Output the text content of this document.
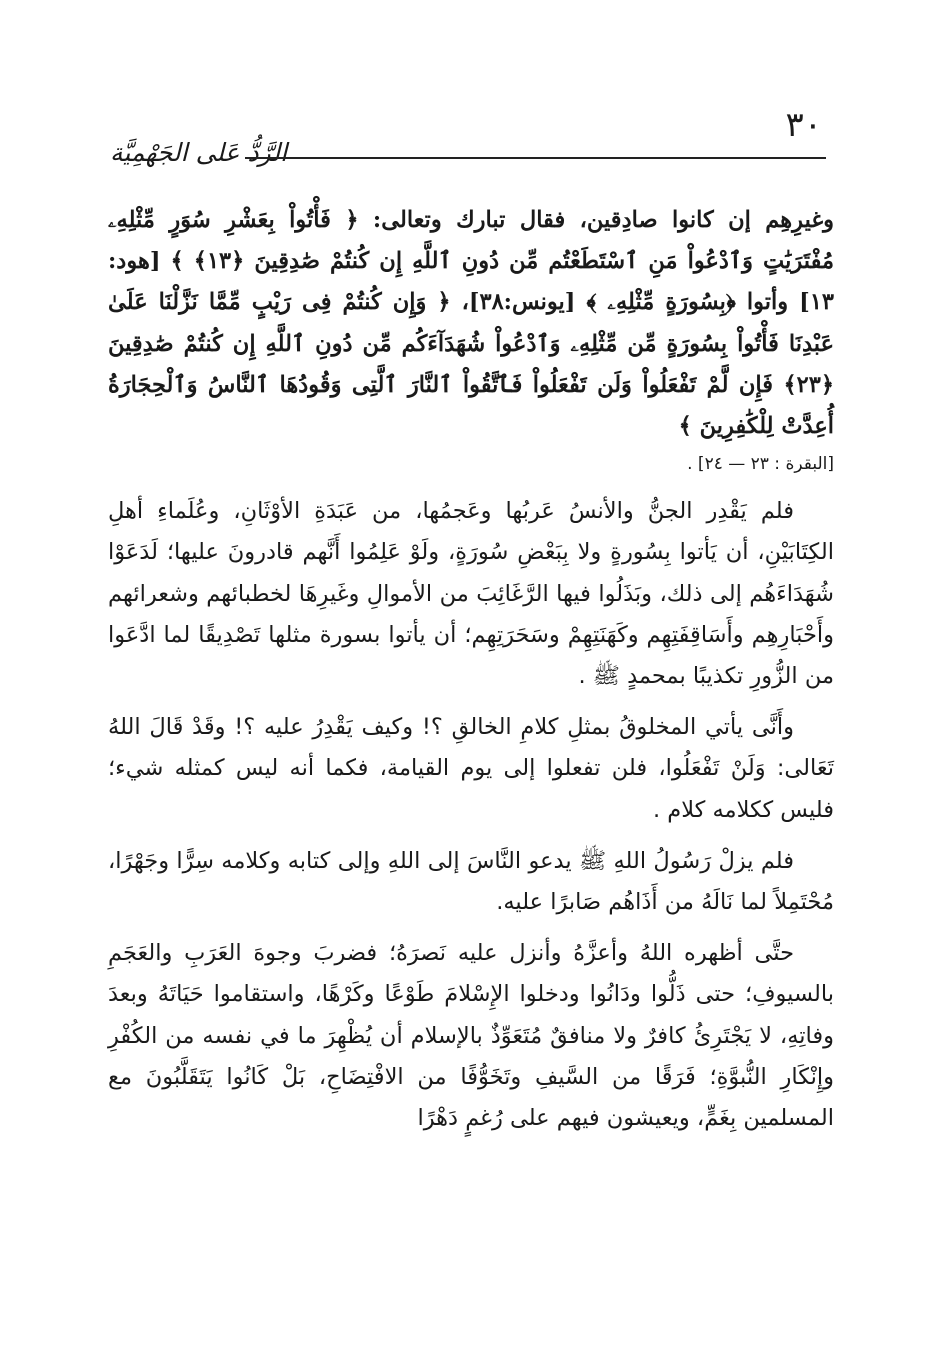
٣٠
الرَّدُّ عَلى الجَهْمِيَّة

وغيرِهِم إن كانوا صادِقين، فقال تبارك وتعالى: ﴿ فَأْتُواْ بِعَشْرِ سُوَرٍ مِّثْلِهِۦ مُفْتَرَيَٰتٍ وَٱدْعُواْ مَنِ ٱسْتَطَعْتُم مِّن دُونِ ٱللَّهِ إِن كُنتُمْ صَٰدِقِينَ ﴿١٣﴾ ﴾ [هود: ١٣] وأتوا ﴿بِسُورَةٍ مِّثْلِهِۦ ﴾ [يونس:٣٨]، ﴿ وَإِن كُنتُمْ فِى رَيْبٍ مِّمَّا نَزَّلْنَا عَلَىٰ عَبْدِنَا فَأْتُواْ بِسُورَةٍ مِّن مِّثْلِهِۦ وَٱدْعُواْ شُهَدَآءَكُم مِّن دُونِ ٱللَّهِ إِن كُنتُمْ صَٰدِقِينَ ﴿٢٣﴾ فَإِن لَّمْ تَفْعَلُواْ وَلَن تَفْعَلُواْ فَٱتَّقُواْ ٱلنَّارَ ٱلَّتِى وَقُودُهَا ٱلنَّاسُ وَٱلْحِجَارَةُ أُعِدَّتْ لِلْكَٰفِرِينَ ﴾

[البقرة : ٢٣ — ٢٤] .

فلم يَقْدِر الجنُّ والأنسُ عَربُها وعَجمُها، من عَبَدَةِ الأوْثَانِ، وعُلَماءِ أهلِ الكِتَابَيْنِ، أن يَأتوا بِسُورةٍ ولا بِبَعْضِ سُورَةٍ، ولَوْ عَلِمُوا أَنَّهم قادرونَ عليها؛ لَدَعَوْا شُهَدَاءَهُم إلى ذلك، وبَذَلُوا فيها الرَّغَائِبَ من الأموالِ وغَيرِهَا لخطبائهم وشعرائهم وأَحْبَارِهِم وأَسَاقِفَتِهِم وكَهَنَتِهِمْ وسَحَرَتِهِم؛ أن يأتوا بسورة مثلها تَصْدِيقًا لما ادَّعَوا من الزُّورِ تكذيبًا بمحمدٍ ﷺ .

وأَنَّى يأتي المخلوقُ بمثلِ كلامِ الخالقِ ؟! وكيف يَقْدِرُ عليه ؟! وقَدْ قَالَ اللهُ تَعَالى: وَلَنْ تَفْعَلُوا، فلن تفعلوا إلى يوم القيامة، فكما أنه ليس كمثله شيء؛ فليس ككلامه كلام .

فلم يزلْ رَسُولُ اللهِ ﷺ يدعو النَّاسَ إلى اللهِ وإلى كتابه وكلامه سِرًّا وجَهْرًا، مُحْتَمِلاً لما نَالَهُ من أَذَاهُم صَابرًا عليه.

حتَّى أظهره اللهُ وأعزَّهُ وأنزل عليه نَصرَهُ؛ فضربَ وجوهَ العَرَبِ والعَجَمِ بالسيوفِ؛ حتى ذَلُّوا ودَانُوا ودخلوا الإِسْلامَ طَوْعًا وكَرْهًا، واستقاموا حَيَاتَهُ وبعدَ وفاتِهِ، لا يَجْتَرِئُ كافرٌ ولا منافقٌ مُتَعَوِّذٌ بالإسلام أن يُظْهِرَ ما في نفسه من الكُفْرِ وإِنْكَارِ النُّبوَّةِ؛ فَرَقًا من السَّيفِ وتَخَوُّفًا من الافْتِضَاحِ، بَلْ كَانُوا يَتَقَلَّبُونَ مع المسلمين بِغَمٍّ، ويعيشون فيهم على رُغمٍ دَهْرًا
